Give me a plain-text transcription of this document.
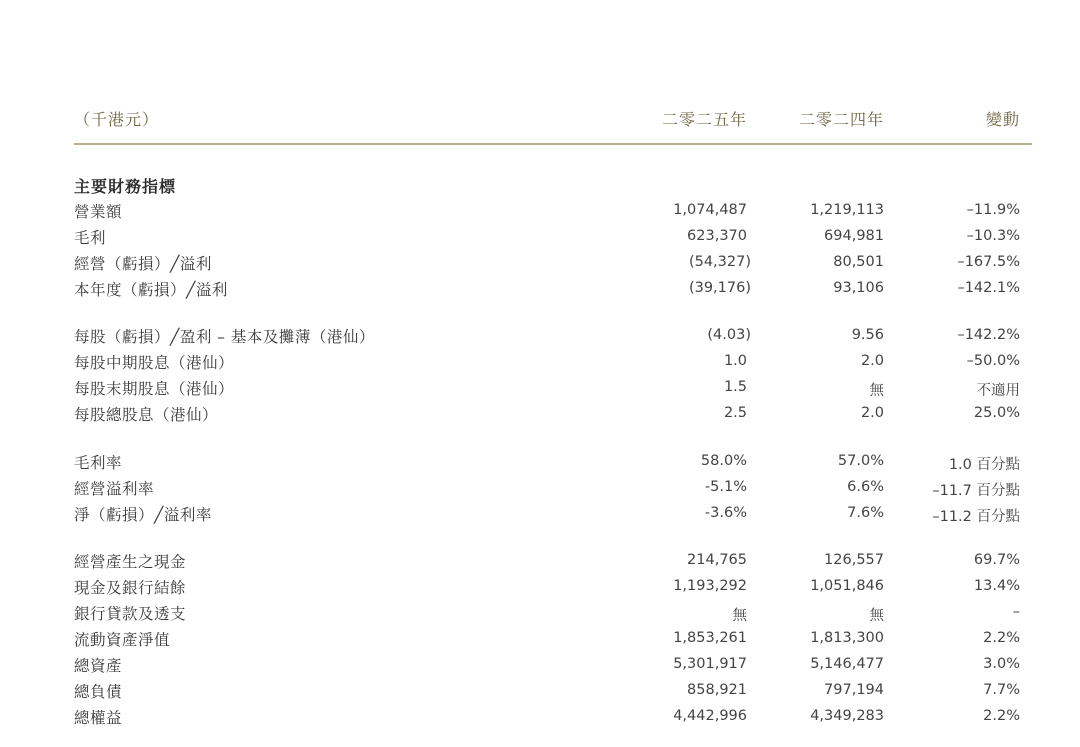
（千港元）	二零二五年	二零二四年	變動
主要財務指標
營業額	1,074,487	1,219,113	–11.9%
毛利	623,370	694,981	–10.3%
經營（虧損）╱溢利	(54,327)	80,501	–167.5%
本年度（虧損）╱溢利	(39,176)	93,106	–142.1%
每股（虧損）╱盈利 – 基本及攤薄（港仙）	(4.03)	9.56	–142.2%
每股中期股息（港仙）	1.0	2.0	–50.0%
每股末期股息（港仙）	1.5	無	不適用
每股總股息（港仙）	2.5	2.0	25.0%
毛利率	58.0%	57.0%	1.0 百分點
經營溢利率	-5.1%	6.6%	–11.7 百分點
淨（虧損）╱溢利率	-3.6%	7.6%	–11.2 百分點
經營產生之現金	214,765	126,557	69.7%
現金及銀行結餘	1,193,292	1,051,846	13.4%
銀行貸款及透支	無	無	–
流動資產淨值	1,853,261	1,813,300	2.2%
總資產	5,301,917	5,146,477	3.0%
總負債	858,921	797,194	7.7%
總權益	4,442,996	4,349,283	2.2%
